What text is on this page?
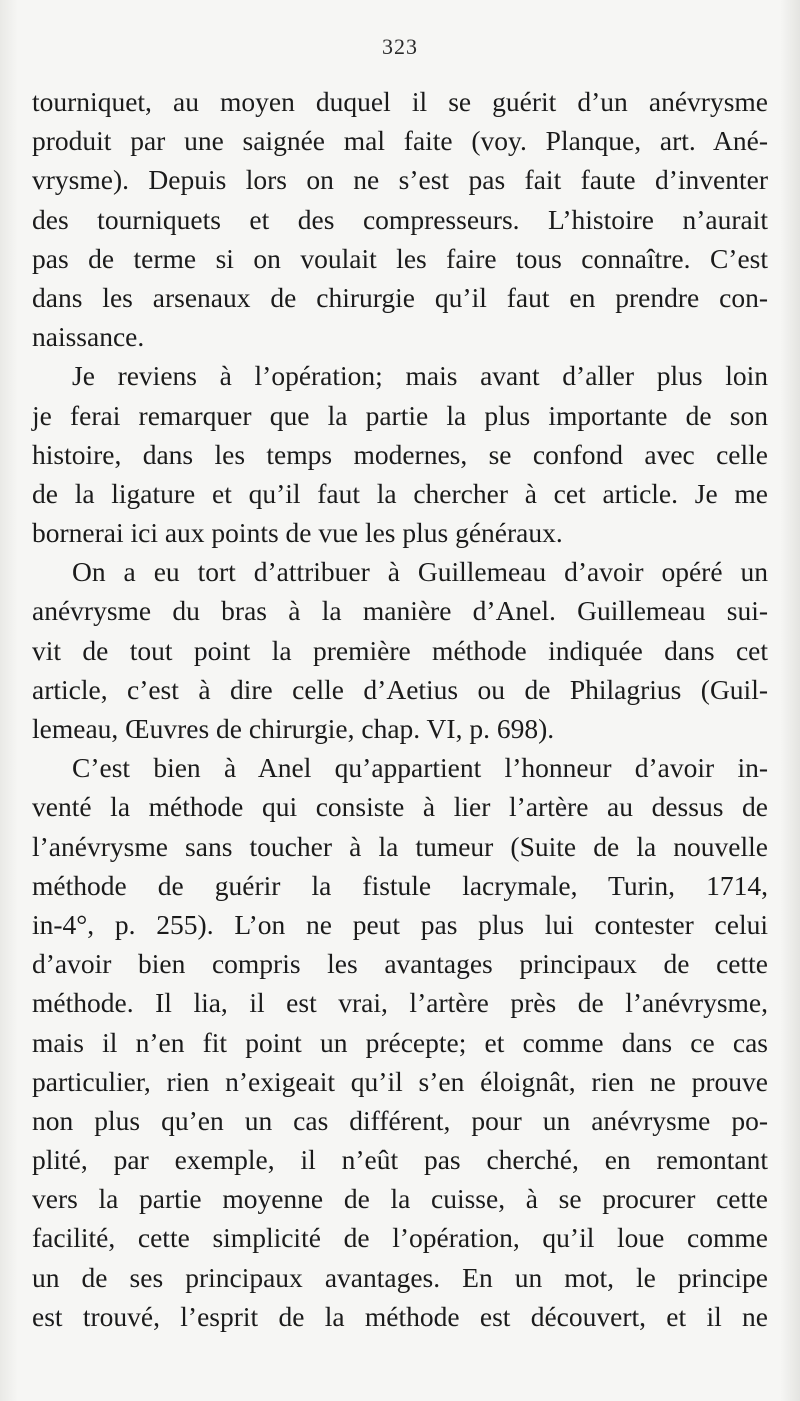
323
tourniquet, au moyen duquel il se guérit d’un anévrysme
produit par une saignée mal faite (voy. Planque, art. Ané-
vrysme). Depuis lors on ne s’est pas fait faute d’inventer
des tourniquets et des compresseurs. L’histoire n’aurait
pas de terme si on voulait les faire tous connaître. C’est
dans les arsenaux de chirurgie qu’il faut en prendre con-
naissance.
Je reviens à l’opération; mais avant d’aller plus loin
je ferai remarquer que la partie la plus importante de son
histoire, dans les temps modernes, se confond avec celle
de la ligature et qu’il faut la chercher à cet article. Je me
bornerai ici aux points de vue les plus généraux.
On a eu tort d’attribuer à Guillemeau d’avoir opéré un
anévrysme du bras à la manière d’Anel. Guillemeau sui-
vit de tout point la première méthode indiquée dans cet
article, c’est à dire celle d’Aetius ou de Philagrius (Guil-
lemeau, Œuvres de chirurgie, chap. VI, p. 698).
C’est bien à Anel qu’appartient l’honneur d’avoir in-
venté la méthode qui consiste à lier l’artère au dessus de
l’anévrysme sans toucher à la tumeur (Suite de la nouvelle
méthode de guérir la fistule lacrymale, Turin, 1714,
in-4°, p. 255). L’on ne peut pas plus lui contester celui
d’avoir bien compris les avantages principaux de cette
méthode. Il lia, il est vrai, l’artère près de l’anévrysme,
mais il n’en fit point un précepte; et comme dans ce cas
particulier, rien n’exigeait qu’il s’en éloignât, rien ne prouve
non plus qu’en un cas différent, pour un anévrysme po-
plité, par exemple, il n’eût pas cherché, en remontant
vers la partie moyenne de la cuisse, à se procurer cette
facilité, cette simplicité de l’opération, qu’il loue comme
un de ses principaux avantages. En un mot, le principe
est trouvé, l’esprit de la méthode est découvert, et il ne
